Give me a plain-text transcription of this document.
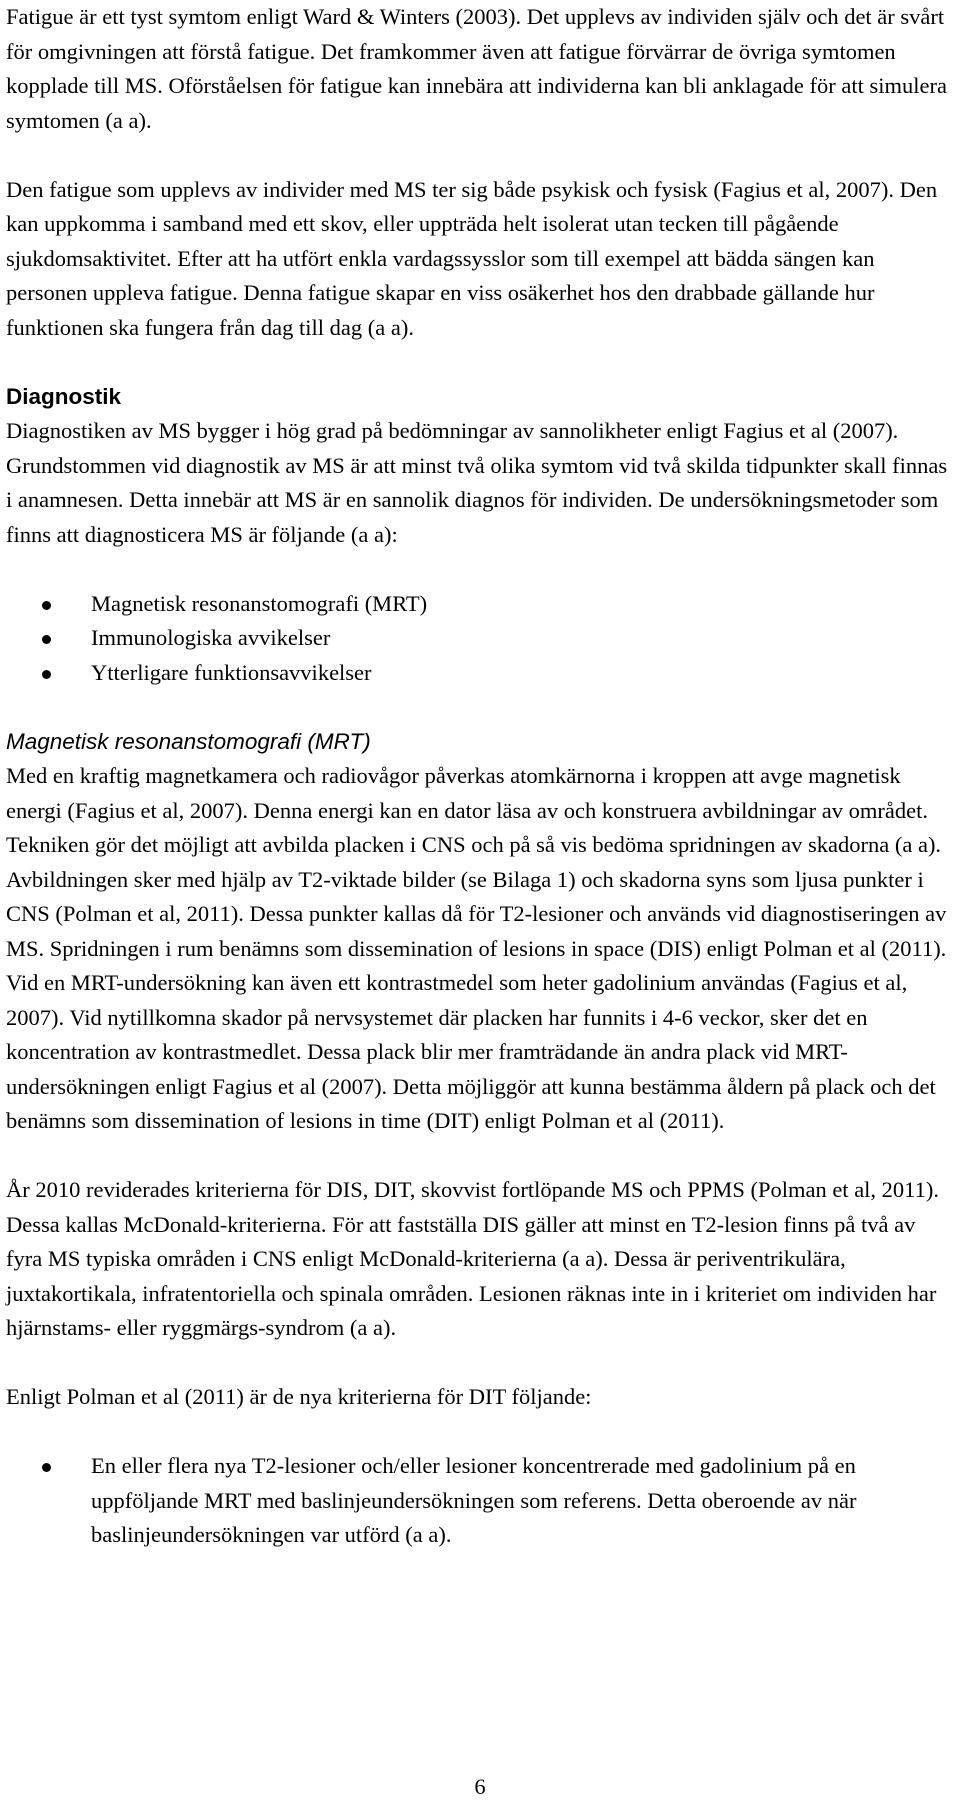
Fatigue är ett tyst symtom enligt Ward & Winters (2003). Det upplevs av individen själv och det är svårt för omgivningen att förstå fatigue. Det framkommer även att fatigue förvärrar de övriga symtomen kopplade till MS. Oförståelsen för fatigue kan innebära att individerna kan bli anklagade för att simulera symtomen (a a).

Den fatigue som upplevs av individer med MS ter sig både psykisk och fysisk (Fagius et al, 2007). Den kan uppkomma i samband med ett skov, eller uppträda helt isolerat utan tecken till pågående sjukdomsaktivitet. Efter att ha utfört enkla vardagssysslor som till exempel att bädda sängen kan personen uppleva fatigue. Denna fatigue skapar en viss osäkerhet hos den drabbade gällande hur funktionen ska fungera från dag till dag (a a).

Diagnostik

Diagnostiken av MS bygger i hög grad på bedömningar av sannolikheter enligt Fagius et al (2007). Grundstommen vid diagnostik av MS är att minst två olika symtom vid två skilda tidpunkter skall finnas i anamnesen. Detta innebär att MS är en sannolik diagnos för individen. De undersökningsmetoder som finns att diagnosticera MS är följande (a a):

Magnetisk resonanstomografi (MRT)
Immunologiska avvikelser
Ytterligare funktionsavvikelser
Magnetisk resonanstomografi (MRT)

Med en kraftig magnetkamera och radiovågor påverkas atomkärnorna i kroppen att avge magnetisk energi (Fagius et al, 2007). Denna energi kan en dator läsa av och konstruera avbildningar av området. Tekniken gör det möjligt att avbilda placken i CNS och på så vis bedöma spridningen av skadorna (a a). Avbildningen sker med hjälp av T2-viktade bilder (se Bilaga 1) och skadorna syns som ljusa punkter i CNS (Polman et al, 2011). Dessa punkter kallas då för T2-lesioner och används vid diagnostiseringen av MS. Spridningen i rum benämns som dissemination of lesions in space (DIS) enligt Polman et al (2011). Vid en MRT-undersökning kan även ett kontrastmedel som heter gadolinium användas (Fagius et al, 2007). Vid nytillkomna skador på nervsystemet där placken har funnits i 4-6 veckor, sker det en koncentration av kontrastmedlet. Dessa plack blir mer framträdande än andra plack vid MRT-undersökningen enligt Fagius et al (2007). Detta möjliggör att kunna bestämma åldern på plack och det benämns som dissemination of lesions in time (DIT) enligt Polman et al (2011).

År 2010 reviderades kriterierna för DIS, DIT, skovvist fortlöpande MS och PPMS (Polman et al, 2011). Dessa kallas McDonald-kriterierna. För att fastställa DIS gäller att minst en T2-lesion finns på två av fyra MS typiska områden i CNS enligt McDonald-kriterierna (a a). Dessa är periventrikulära, juxtakortikala, infratentoriella och spinala områden. Lesionen räknas inte in i kriteriet om individen har hjärnstams- eller ryggmärgs-syndrom (a a).

Enligt Polman et al (2011) är de nya kriterierna för DIT följande:

En eller flera nya T2-lesioner och/eller lesioner koncentrerade med gadolinium på en uppföljande MRT med baslinjeundersökningen som referens. Detta oberoende av när baslinjeundersökningen var utförd (a a).
6
